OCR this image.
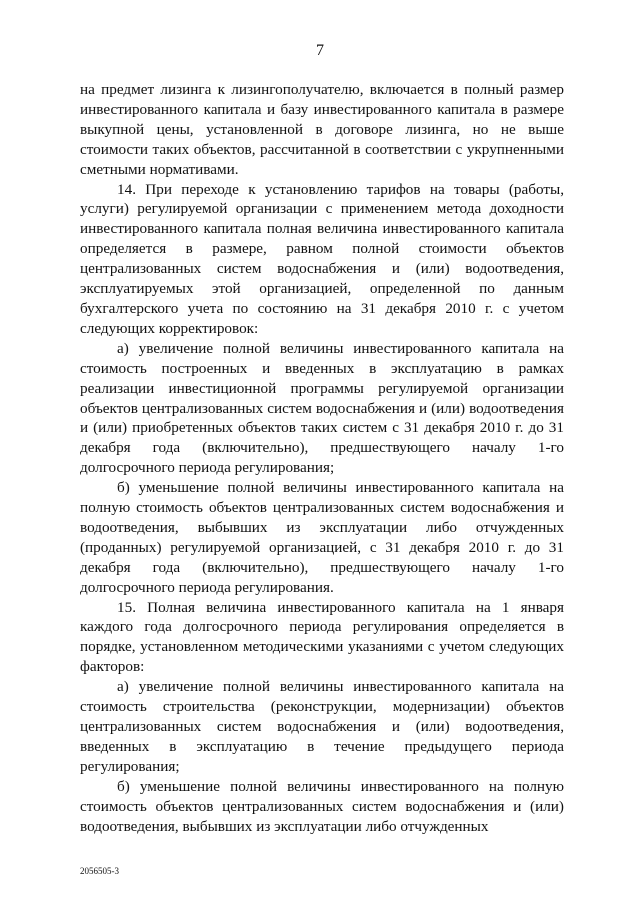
7

на предмет лизинга к лизингополучателю, включается в полный размер инвестированного капитала и базу инвестированного капитала в размере выкупной цены, установленной в договоре лизинга, но не выше стоимости таких объектов, рассчитанной в соответствии с укрупненными сметными нормативами.

14. При переходе к установлению тарифов на товары (работы, услуги) регулируемой организации с применением метода доходности инвестированного капитала полная величина инвестированного капитала определяется в размере, равном полной стоимости объектов централизованных систем водоснабжения и (или) водоотведения, эксплуатируемых этой организацией, определенной по данным бухгалтерского учета по состоянию на 31 декабря 2010 г. с учетом следующих корректировок:

а) увеличение полной величины инвестированного капитала на стоимость построенных и введенных в эксплуатацию в рамках реализации инвестиционной программы регулируемой организации объектов централизованных систем водоснабжения и (или) водоотведения и (или) приобретенных объектов таких систем с 31 декабря 2010 г. до 31 декабря года (включительно), предшествующего началу 1-го долгосрочного периода регулирования;

б) уменьшение полной величины инвестированного капитала на полную стоимость объектов централизованных систем водоснабжения и водоотведения, выбывших из эксплуатации либо отчужденных (проданных) регулируемой организацией, с 31 декабря 2010 г. до 31 декабря года (включительно), предшествующего началу 1-го долгосрочного периода регулирования.

15. Полная величина инвестированного капитала на 1 января каждого года долгосрочного периода регулирования определяется в порядке, установленном методическими указаниями с учетом следующих факторов:

а) увеличение полной величины инвестированного капитала на стоимость строительства (реконструкции, модернизации) объектов централизованных систем водоснабжения и (или) водоотведения, введенных в эксплуатацию в течение предыдущего периода регулирования;

б) уменьшение полной величины инвестированного на полную стоимость объектов централизованных систем водоснабжения и (или) водоотведения, выбывших из эксплуатации либо отчужденных

2056505-3
